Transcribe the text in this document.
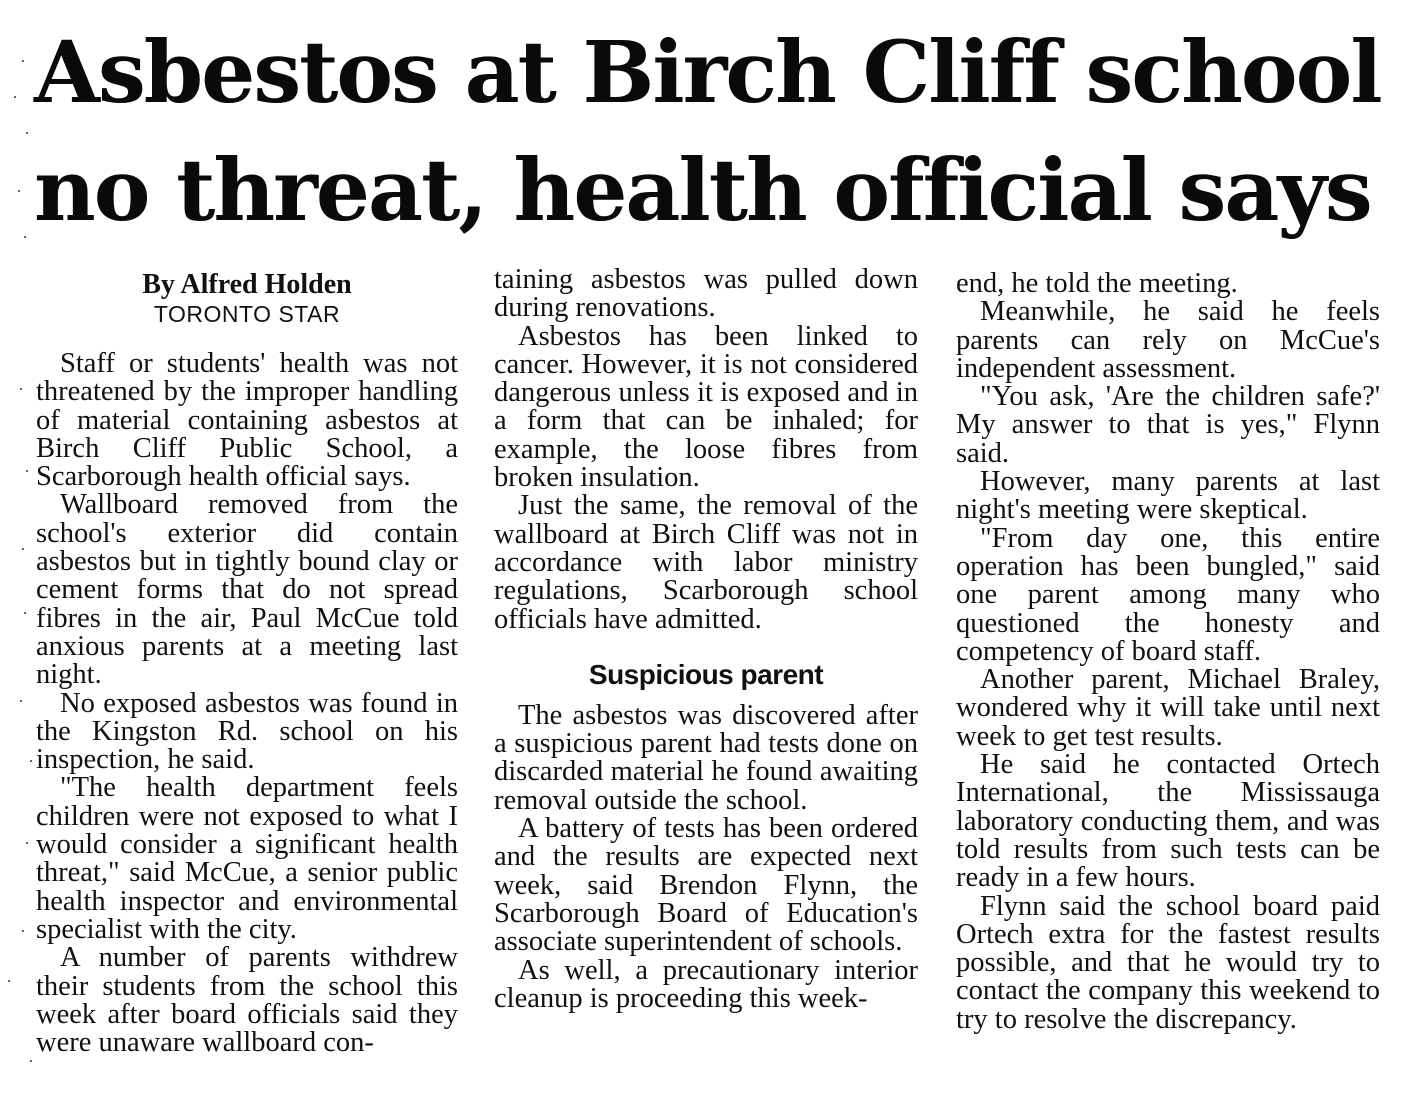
Asbestos at Birch Cliff school
no threat, health official says
By Alfred Holden
TORONTO STAR

Staff or students' health was not threatened by the improper handling of material containing asbestos at Birch Cliff Public School, a Scarborough health official says.

Wallboard removed from the school's exterior did contain asbestos but in tightly bound clay or cement forms that do not spread fibres in the air, Paul McCue told anxious parents at a meeting last night.

No exposed asbestos was found in the Kingston Rd. school on his inspection, he said.

"The health department feels children were not exposed to what I would consider a significant health threat," said McCue, a senior public health inspector and environmental specialist with the city.

A number of parents withdrew their students from the school this week after board officials said they were unaware wallboard con-

taining asbestos was pulled down during renovations.

Asbestos has been linked to cancer. However, it is not considered dangerous unless it is exposed and in a form that can be inhaled; for example, the loose fibres from broken insulation.

Just the same, the removal of the wallboard at Birch Cliff was not in accordance with labor ministry regulations, Scarborough school officials have admitted.

Suspicious parent

The asbestos was discovered after a suspicious parent had tests done on discarded material he found awaiting removal outside the school.

A battery of tests has been ordered and the results are expected next week, said Brendon Flynn, the Scarborough Board of Education's associate superintendent of schools.

As well, a precautionary interior cleanup is proceeding this week-

end, he told the meeting.

Meanwhile, he said he feels parents can rely on McCue's independent assessment.

"You ask, 'Are the children safe?' My answer to that is yes," Flynn said.

However, many parents at last night's meeting were skeptical.

"From day one, this entire operation has been bungled," said one parent among many who questioned the honesty and competency of board staff.

Another parent, Michael Braley, wondered why it will take until next week to get test results.

He said he contacted Ortech International, the Mississauga laboratory conducting them, and was told results from such tests can be ready in a few hours.

Flynn said the school board paid Ortech extra for the fastest results possible, and that he would try to contact the company this weekend to try to resolve the discrepancy.
